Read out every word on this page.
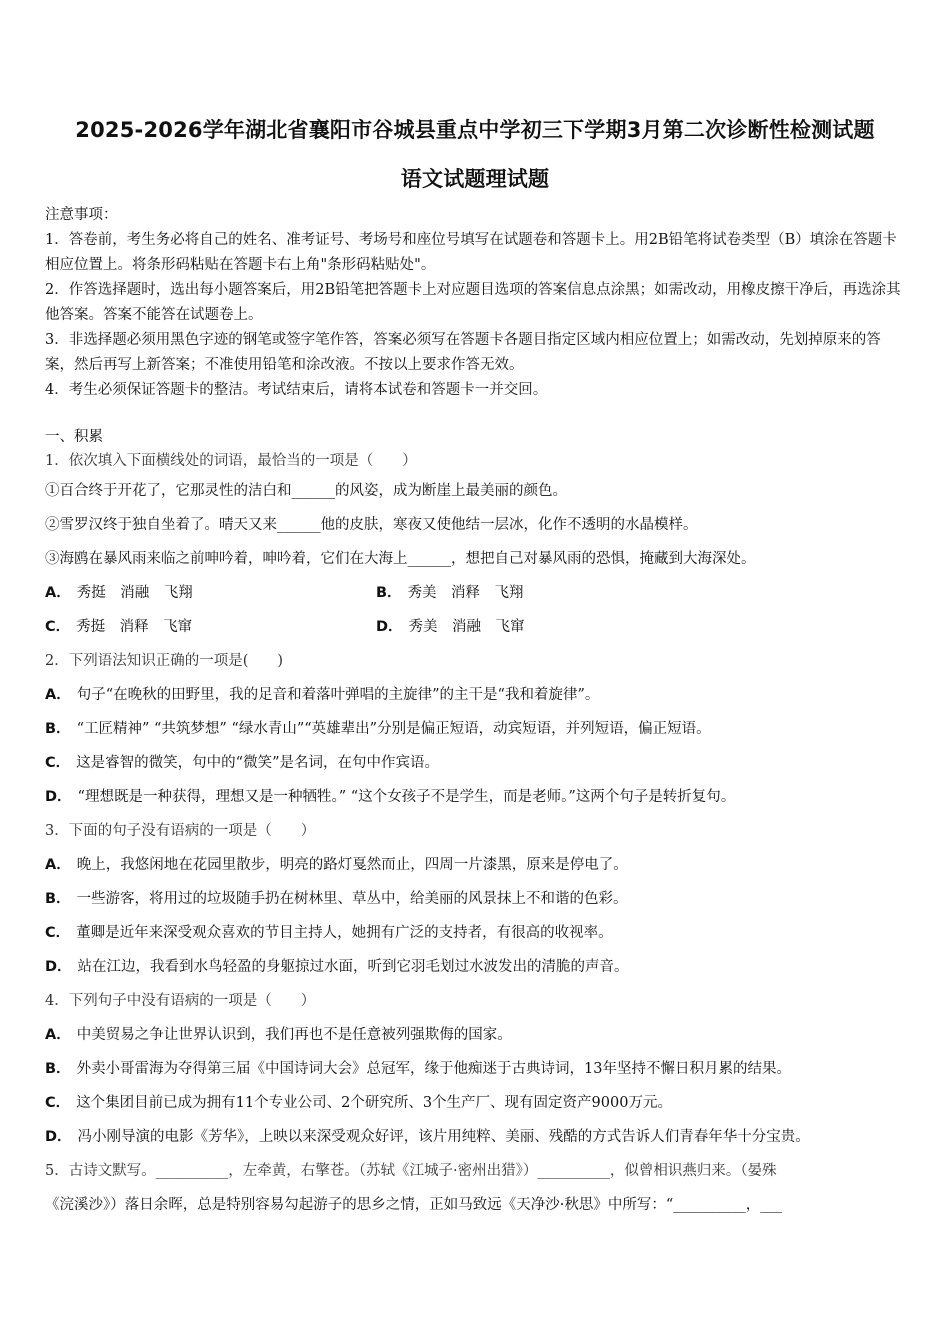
2025-2026学年湖北省襄阳市谷城县重点中学初三下学期3月第二次诊断性检测试题
语文试题理试题
注意事项：
1．答卷前，考生务必将自己的姓名、准考证号、考场号和座位号填写在试题卷和答题卡上。用2B铅笔将试卷类型（B）填涂在答题卡相应位置上。将条形码粘贴在答题卡右上角"条形码粘贴处"。
2．作答选择题时，选出每小题答案后，用2B铅笔把答题卡上对应题目选项的答案信息点涂黑；如需改动，用橡皮擦干净后，再选涂其他答案。答案不能答在试题卷上。
3．非选择题必须用黑色字迹的钢笔或签字笔作答，答案必须写在答题卡各题目指定区域内相应位置上；如需改动，先划掉原来的答案，然后再写上新答案；不准使用铅笔和涂改液。不按以上要求作答无效。
4．考生必须保证答题卡的整洁。考试结束后，请将本试卷和答题卡一并交回。
一、积累
1．依次填入下面横线处的词语，最恰当的一项是（　　）
①百合终于开花了，它那灵性的洁白和______的风姿，成为断崖上最美丽的颜色。
②雪罗汉终于独自坐着了。晴天又来______他的皮肤，寒夜又使他结一层冰，化作不透明的水晶模样。
③海鸥在暴风雨来临之前呻吟着，呻吟着，它们在大海上______，想把自己对暴风雨的恐惧，掩藏到大海深处。
A． 秀挺　消融　飞翔	B． 秀美　消释　飞翔
C． 秀挺　消释　飞窜	D． 秀美　消融　飞窜
2．下列语法知识正确的一项是(　　)
A． 句子“在晚秋的田野里，我的足音和着落叶弹唱的主旋律”的主干是“我和着旋律”。
B． “工匠精神” “共筑梦想” “绿水青山”“英雄辈出”分别是偏正短语，动宾短语，并列短语，偏正短语。
C． 这是睿智的微笑，句中的“微笑”是名词，在句中作宾语。
D． “理想既是一种获得，理想又是一种牺牲。” “这个女孩子不是学生，而是老师。”这两个句子是转折复句。
3．下面的句子没有语病的一项是（　　）
A． 晚上，我悠闲地在花园里散步，明亮的路灯戛然而止，四周一片漆黑，原来是停电了。
B． 一些游客，将用过的垃圾随手扔在树林里、草丛中，给美丽的风景抹上不和谐的色彩。
C． 董卿是近年来深受观众喜欢的节目主持人，她拥有广泛的支持者，有很高的收视率。
D． 站在江边，我看到水鸟轻盈的身躯掠过水面，听到它羽毛划过水波发出的清脆的声音。
4．下列句子中没有语病的一项是（　　）
A． 中美贸易之争让世界认识到，我们再也不是任意被列强欺侮的国家。
B． 外卖小哥雷海为夺得第三届《中国诗词大会》总冠军，缘于他痴迷于古典诗词，13年坚持不懈日积月累的结果。
C． 这个集团目前已成为拥有11个专业公司、2个研究所、3个生产厂、现有固定资产9000万元。
D． 冯小刚导演的电影《芳华》，上映以来深受观众好评，该片用纯粹、美丽、残酷的方式告诉人们青春年华十分宝贵。
5．古诗文默写。__________，左牵黄，右擎苍。（苏轼《江城子·密州出猎》）__________，似曾相识燕归来。（晏殊
《浣溪沙》）落日余晖，总是特别容易勾起游子的思乡之情，正如马致远《天净沙·秋思》中所写：“__________，___
